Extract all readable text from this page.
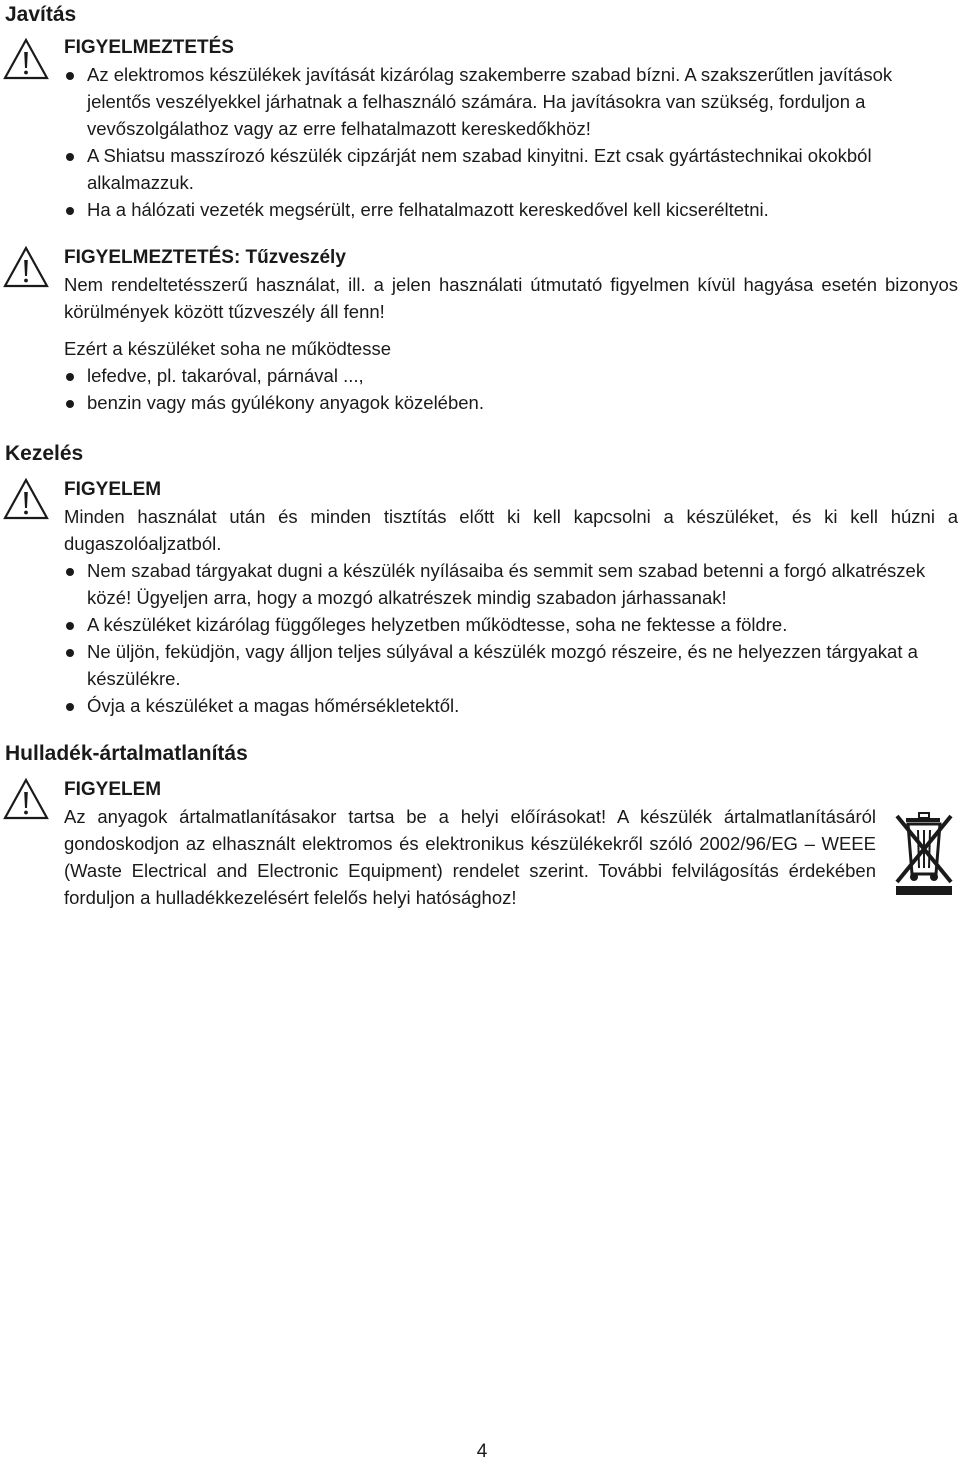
Javítás

FIGYELMEZTETÉS

Az elektromos készülékek javítását kizárólag szakemberre szabad bízni. A szakszerűtlen javítások jelentős veszélyekkel járhatnak a felhasználó számára. Ha javításokra van szükség, forduljon a vevőszolgálathoz vagy az erre felhatalmazott kereskedőkhöz!
A Shiatsu masszírozó készülék cipzárját nem szabad kinyitni. Ezt csak gyártástechnikai okokból alkalmazzuk.
Ha a hálózati vezeték megsérült, erre felhatalmazott kereskedővel kell kicseréltetni.

FIGYELMEZTETÉS: Tűzveszély

Nem rendeltetésszerű használat, ill. a jelen használati útmutató figyelmen kívül hagyása esetén bizonyos körülmények között tűzveszély áll fenn!

Ezért a készüléket soha ne működtesse

lefedve, pl. takaróval, párnával ...,
benzin vagy más gyúlékony anyagok közelében.
Kezelés

FIGYELEM

Minden használat után és minden tisztítás előtt ki kell kapcsolni a készüléket, és ki kell húzni a dugaszolóaljzatból.

Nem szabad tárgyakat dugni a készülék nyílásaiba és semmit sem szabad betenni a forgó alkatrészek közé! Ügyeljen arra, hogy a mozgó alkatrészek mindig szabadon járhassanak!
A készüléket kizárólag függőleges helyzetben működtesse, soha ne fektesse a földre.
Ne üljön, feküdjön, vagy álljon teljes súlyával a készülék mozgó részeire, és ne helyezzen tárgyakat a készülékre.
Óvja a készüléket a magas hőmérsékletektől.
Hulladék-ártalmatlanítás

FIGYELEM

Az anyagok ártalmatlanításakor tartsa be a helyi előírásokat! A készülék ártalmatlanításáról gondoskodjon az elhasznált elektromos és elektronikus készülékekről szóló 2002/96/EG – WEEE (Waste Electrical and Electronic Equipment) rendelet szerint. További felvilágosítás érdekében forduljon a hulladékkezelésért felelős helyi hatósághoz!

4
